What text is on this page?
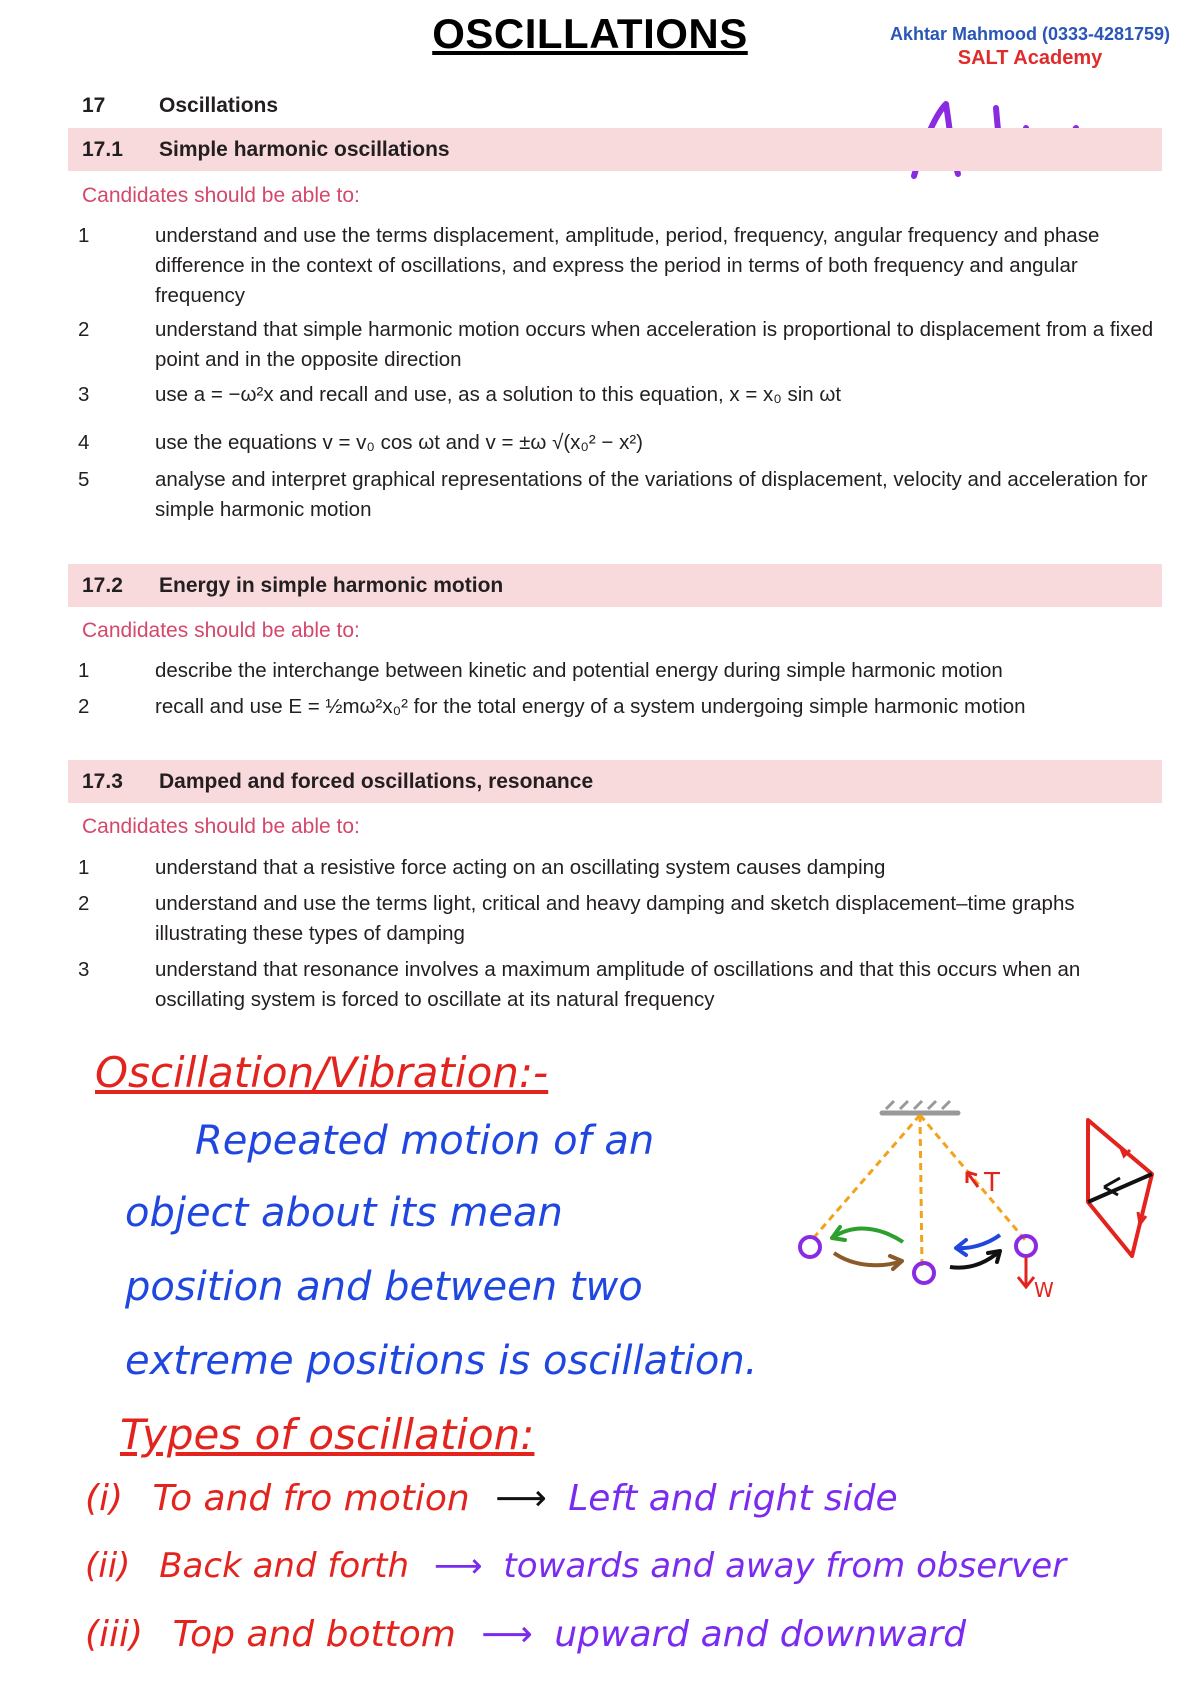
OSCILLATIONS	Akhtar Mahmood (0333-4281759)
SALT Academy
17	Oscillations
17.1 Simple harmonic oscillations
Candidates should be able to:
1	understand and use the terms displacement, amplitude, period, frequency, angular frequency and phase difference in the context of oscillations, and express the period in terms of both frequency and angular frequency
2	understand that simple harmonic motion occurs when acceleration is proportional to displacement from a fixed point and in the opposite direction
3	use a = −ω²x and recall and use, as a solution to this equation, x = x₀ sin ωt
4	use the equations v = v₀ cos ωt and v = ±ω √(x₀² − x²)
5	analyse and interpret graphical representations of the variations of displacement, velocity and acceleration for simple harmonic motion
17.2 Energy in simple harmonic motion
Candidates should be able to:
1	describe the interchange between kinetic and potential energy during simple harmonic motion
2	recall and use E = ½mω²x₀² for the total energy of a system undergoing simple harmonic motion
17.3 Damped and forced oscillations, resonance
Candidates should be able to:
1	understand that a resistive force acting on an oscillating system causes damping
2	understand and use the terms light, critical and heavy damping and sketch displacement–time graphs illustrating these types of damping
3	understand that resonance involves a maximum amplitude of oscillations and that this occurs when an oscillating system is forced to oscillate at its natural frequency
Oscillation/Vibration:-
Repeated motion of an
object about its mean
position and between two
extreme positions is oscillation.
T
W
Types of oscillation:
(i) To and fro motion ⟶ Left and right side
(ii) Back and forth ⟶ towards and away from observer
(iii) Top and bottom ⟶ upward and downward
